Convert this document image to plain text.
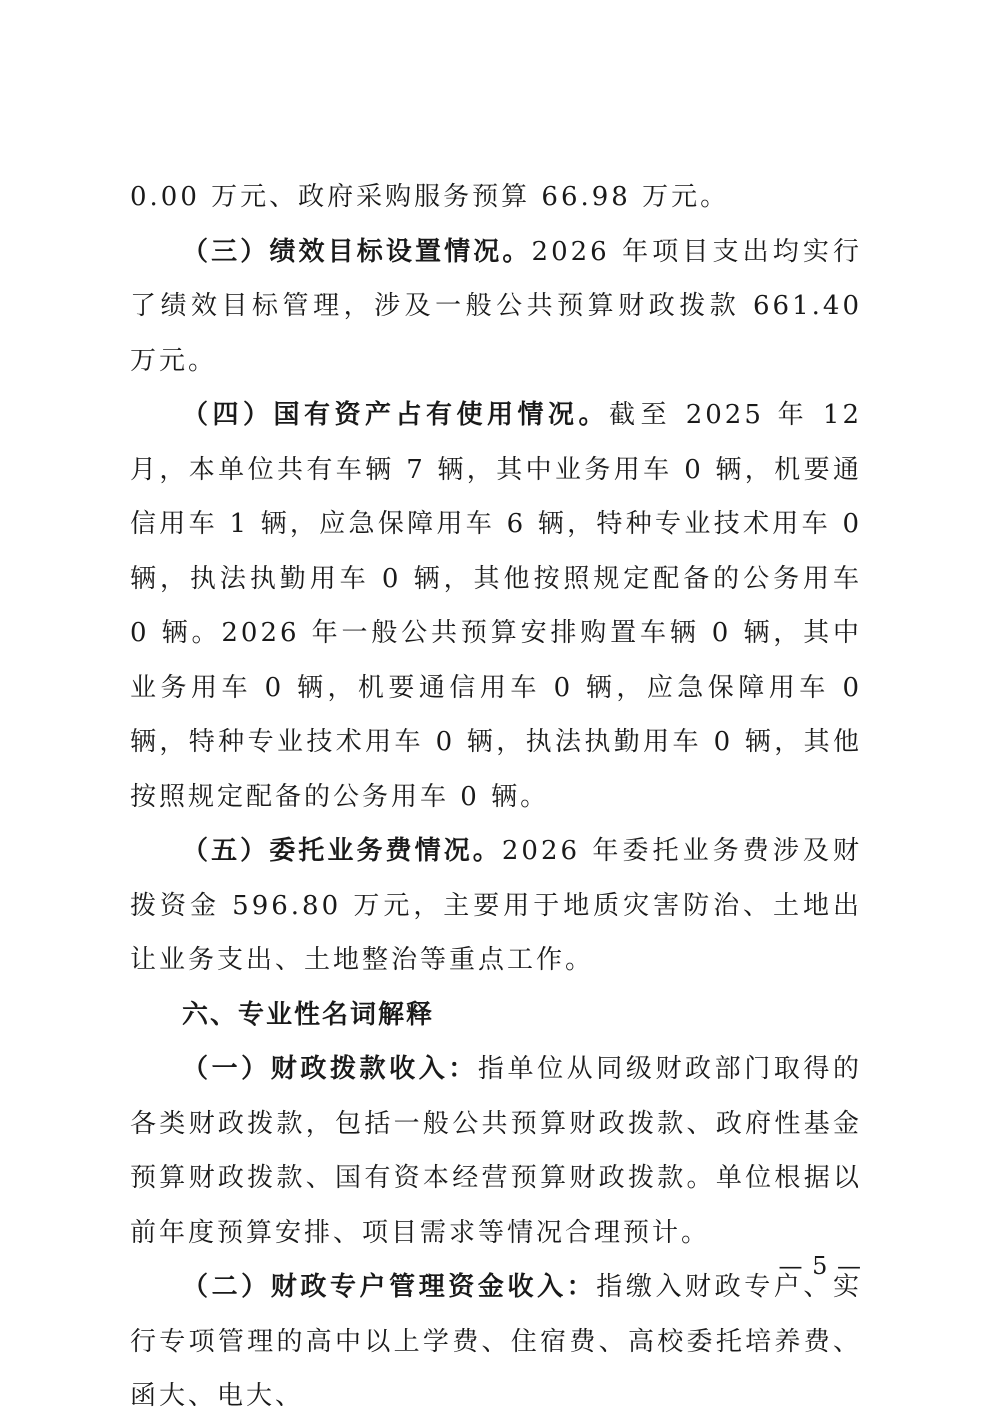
0.00 万元、政府采购服务预算 66.98 万元。

（三）绩效目标设置情况。2026 年项目支出均实行了绩效目标管理，涉及一般公共预算财政拨款 661.40 万元。

（四）国有资产占有使用情况。截至 2025 年 12 月，本单位共有车辆 7 辆，其中业务用车 0 辆，机要通信用车 1 辆，应急保障用车 6 辆，特种专业技术用车 0 辆，执法执勤用车 0 辆，其他按照规定配备的公务用车 0 辆。2026 年一般公共预算安排购置车辆 0 辆，其中业务用车 0 辆，机要通信用车 0 辆，应急保障用车 0 辆，特种专业技术用车 0 辆，执法执勤用车 0 辆，其他按照规定配备的公务用车 0 辆。

（五）委托业务费情况。2026 年委托业务费涉及财拨资金 596.80 万元，主要用于地质灾害防治、土地出让业务支出、土地整治等重点工作。

六、专业性名词解释

（一）财政拨款收入：指单位从同级财政部门取得的各类财政拨款，包括一般公共预算财政拨款、政府性基金预算财政拨款、国有资本经营预算财政拨款。单位根据以前年度预算安排、项目需求等情况合理预计。

（二）财政专户管理资金收入：指缴入财政专户、实行专项管理的高中以上学费、住宿费、高校委托培养费、函大、电大、

— 5 —
